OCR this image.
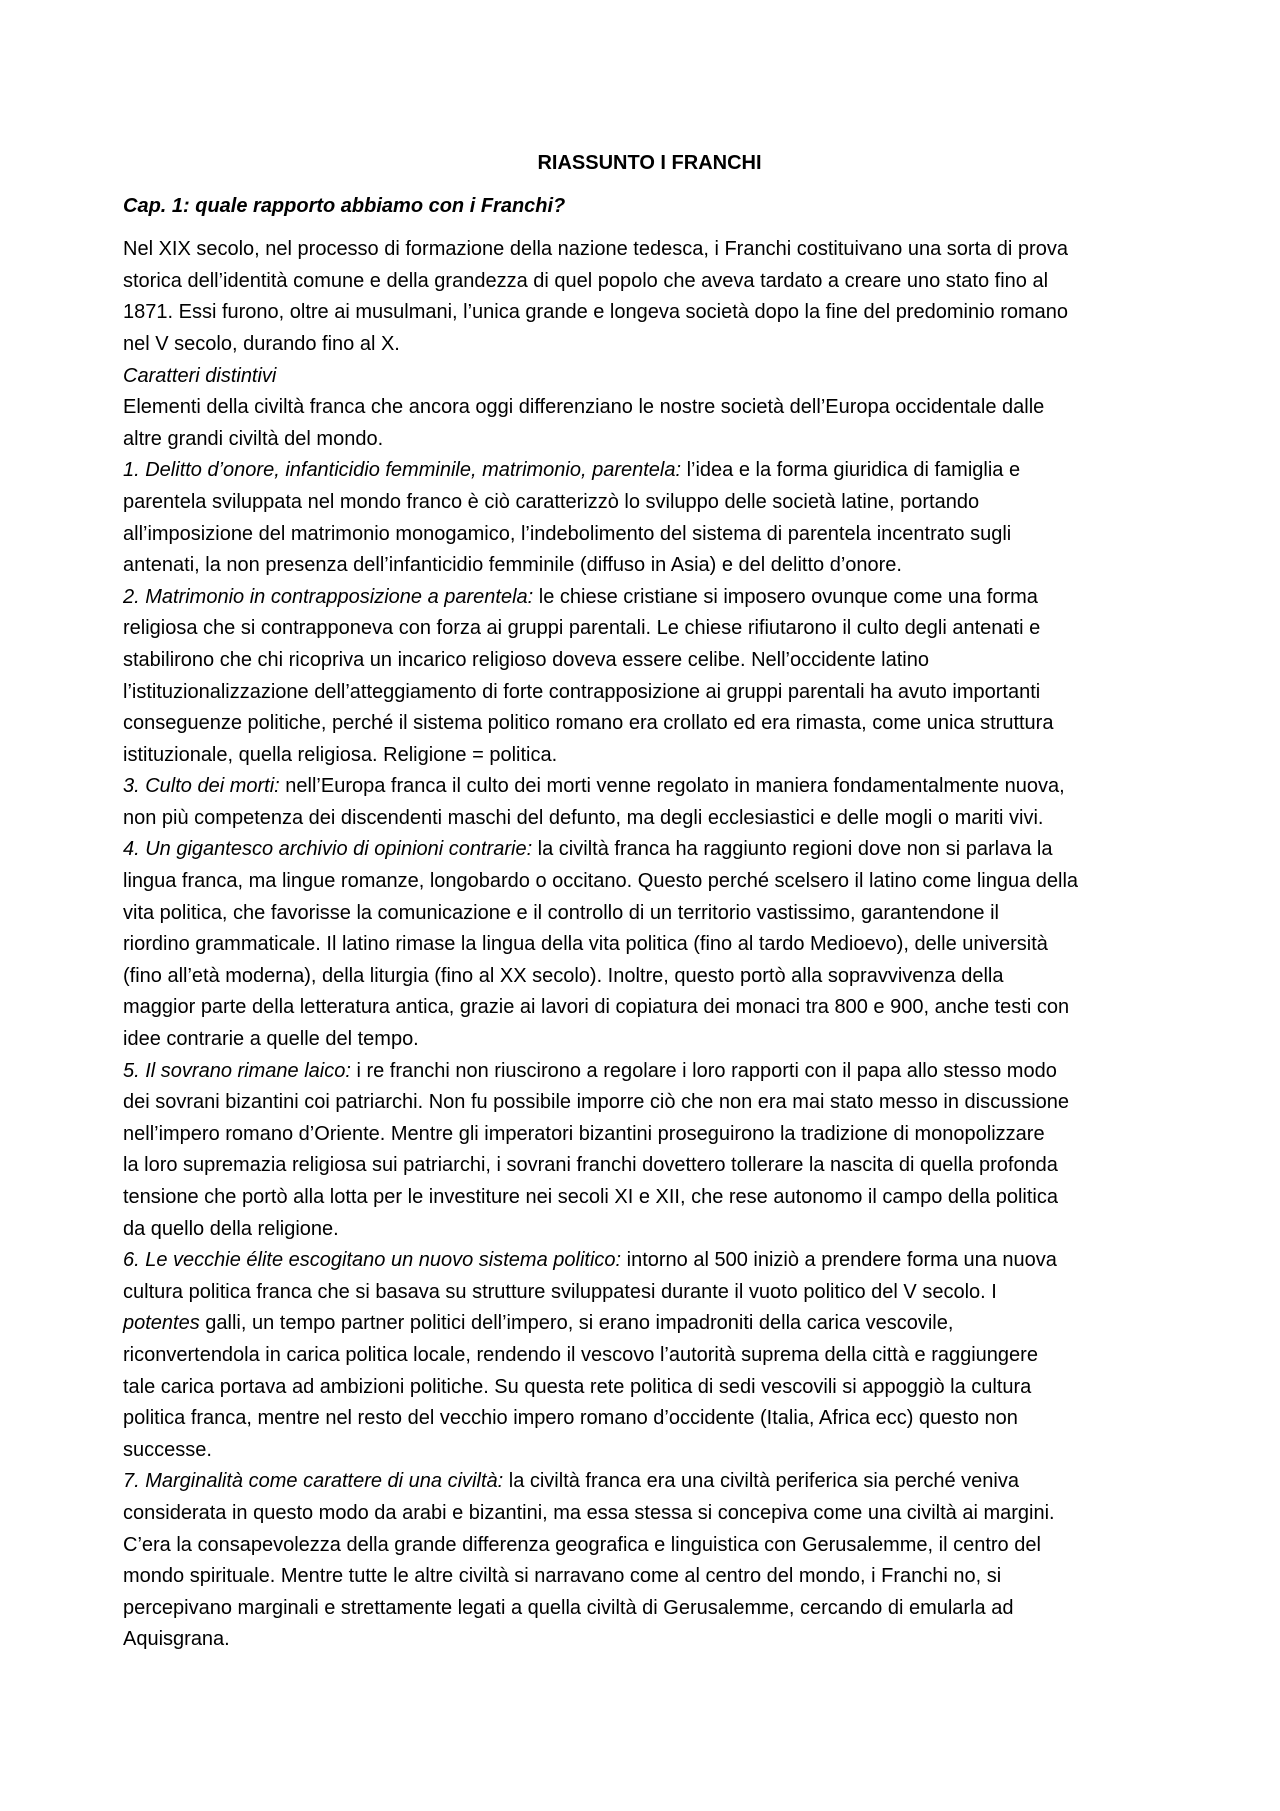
RIASSUNTO I FRANCHI
Cap. 1: quale rapporto abbiamo con i Franchi?
Nel XIX secolo, nel processo di formazione della nazione tedesca, i Franchi costituivano una sorta di prova
storica dell’identità comune e della grandezza di quel popolo che aveva tardato a creare uno stato fino al
1871. Essi furono, oltre ai musulmani, l’unica grande e longeva società dopo la fine del predominio romano
nel V secolo, durando fino al X.
Caratteri distintivi
Elementi della civiltà franca che ancora oggi differenziano le nostre società dell’Europa occidentale dalle
altre grandi civiltà del mondo.
1. Delitto d’onore, infanticidio femminile, matrimonio, parentela: l’idea e la forma giuridica di famiglia e
parentela sviluppata nel mondo franco è ciò caratterizzò lo sviluppo delle società latine, portando
all’imposizione del matrimonio monogamico, l’indebolimento del sistema di parentela incentrato sugli
antenati, la non presenza dell’infanticidio femminile (diffuso in Asia) e del delitto d’onore.
2. Matrimonio in contrapposizione a parentela: le chiese cristiane si imposero ovunque come una forma
religiosa che si contrapponeva con forza ai gruppi parentali. Le chiese rifiutarono il culto degli antenati e
stabilirono che chi ricopriva un incarico religioso doveva essere celibe. Nell’occidente latino
l’istituzionalizzazione dell’atteggiamento di forte contrapposizione ai gruppi parentali ha avuto importanti
conseguenze politiche, perché il sistema politico romano era crollato ed era rimasta, come unica struttura
istituzionale, quella religiosa. Religione = politica.
3. Culto dei morti: nell’Europa franca il culto dei morti venne regolato in maniera fondamentalmente nuova,
non più competenza dei discendenti maschi del defunto, ma degli ecclesiastici e delle mogli o mariti vivi.
4. Un gigantesco archivio di opinioni contrarie: la civiltà franca ha raggiunto regioni dove non si parlava la
lingua franca, ma lingue romanze, longobardo o occitano. Questo perché scelsero il latino come lingua della
vita politica, che favorisse la comunicazione e il controllo di un territorio vastissimo, garantendone il
riordino grammaticale. Il latino rimase la lingua della vita politica (fino al tardo Medioevo), delle università
(fino all’età moderna), della liturgia (fino al XX secolo). Inoltre, questo portò alla sopravvivenza della
maggior parte della letteratura antica, grazie ai lavori di copiatura dei monaci tra 800 e 900, anche testi con
idee contrarie a quelle del tempo.
5. Il sovrano rimane laico: i re franchi non riuscirono a regolare i loro rapporti con il papa allo stesso modo
dei sovrani bizantini coi patriarchi. Non fu possibile imporre ciò che non era mai stato messo in discussione
nell’impero romano d’Oriente. Mentre gli imperatori bizantini proseguirono la tradizione di monopolizzare
la loro supremazia religiosa sui patriarchi, i sovrani franchi dovettero tollerare la nascita di quella profonda
tensione che portò alla lotta per le investiture nei secoli XI e XII, che rese autonomo il campo della politica
da quello della religione.
6. Le vecchie élite escogitano un nuovo sistema politico: intorno al 500 iniziò a prendere forma una nuova
cultura politica franca che si basava su strutture sviluppatesi durante il vuoto politico del V secolo. I
potentes galli, un tempo partner politici dell’impero, si erano impadroniti della carica vescovile,
riconvertendola in carica politica locale, rendendo il vescovo l’autorità suprema della città e raggiungere
tale carica portava ad ambizioni politiche. Su questa rete politica di sedi vescovili si appoggiò la cultura
politica franca, mentre nel resto del vecchio impero romano d’occidente (Italia, Africa ecc) questo non
successe.
7. Marginalità come carattere di una civiltà: la civiltà franca era una civiltà periferica sia perché veniva
considerata in questo modo da arabi e bizantini, ma essa stessa si concepiva come una civiltà ai margini.
C’era la consapevolezza della grande differenza geografica e linguistica con Gerusalemme, il centro del
mondo spirituale. Mentre tutte le altre civiltà si narravano come al centro del mondo, i Franchi no, si
percepivano marginali e strettamente legati a quella civiltà di Gerusalemme, cercando di emularla ad
Aquisgrana.
